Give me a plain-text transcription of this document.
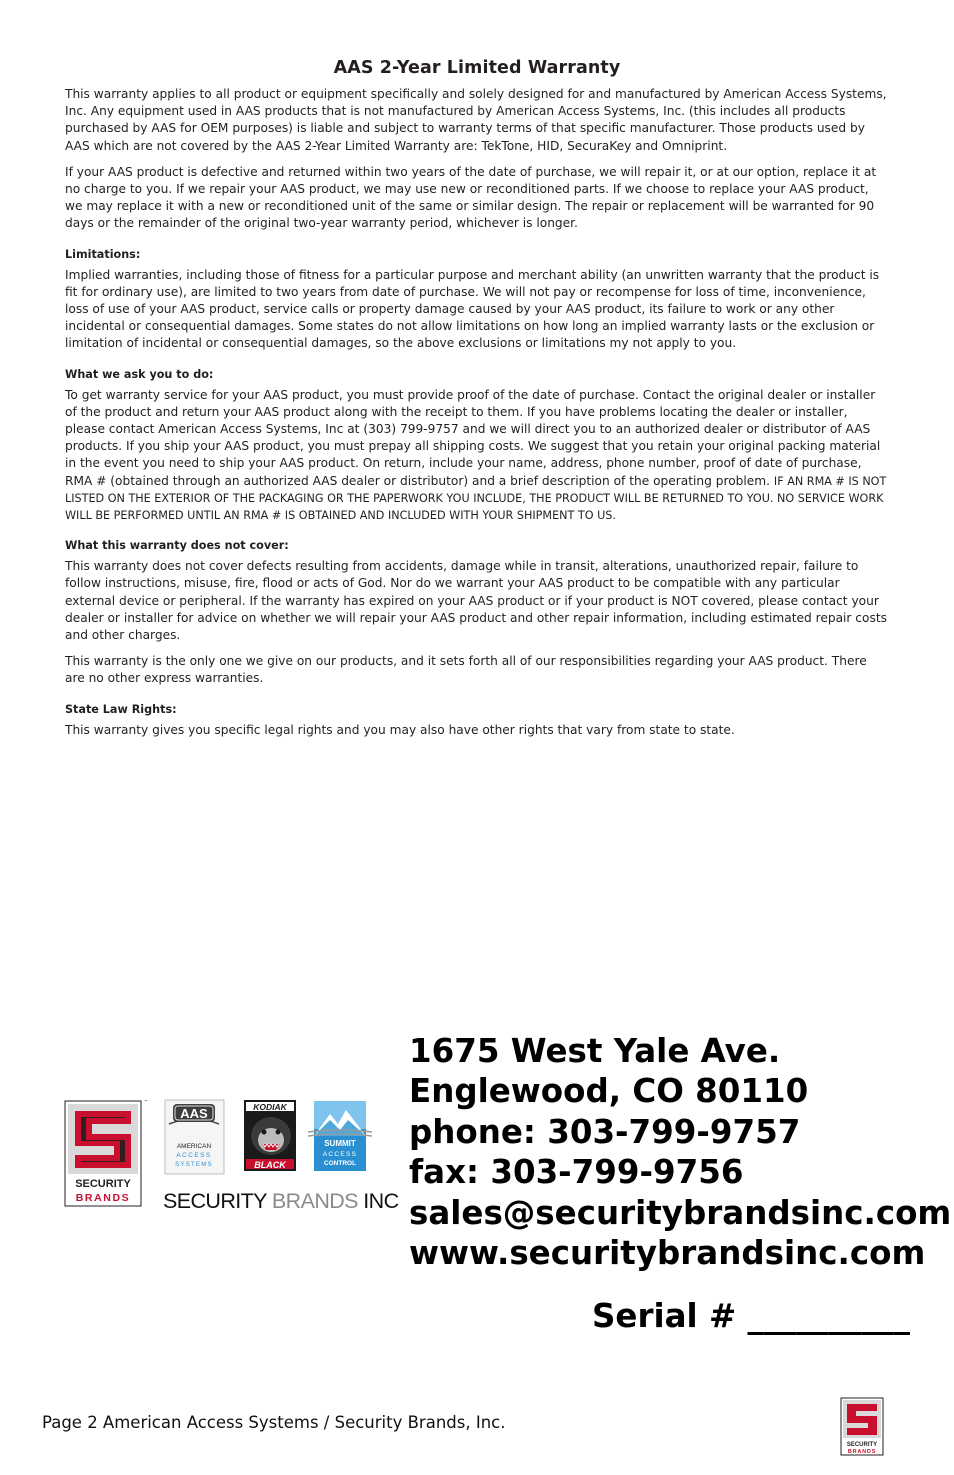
AAS 2-Year Limited Warranty

This warranty applies to all product or equipment specifically and solely designed for and manufactured by American Access Systems, Inc. Any equipment used in AAS products that is not manufactured by American Access Systems, Inc. (this includes all products purchased by AAS for OEM purposes) is liable and subject to warranty terms of that specific manufacturer. Those products used by AAS which are not covered by the AAS 2-Year Limited Warranty are: TekTone, HID, SecuraKey and Omniprint.

If your AAS product is defective and returned within two years of the date of purchase, we will repair it, or at our option, replace it at no charge to you. If we repair your AAS product, we may use new or reconditioned parts. If we choose to replace your AAS product, we may replace it with a new or reconditioned unit of the same or similar design. The repair or replacement will be warranted for 90 days or the remainder of the original two-year warranty period, whichever is longer.

Limitations:

Implied warranties, including those of fitness for a particular purpose and merchant ability (an unwritten warranty that the product is fit for ordinary use), are limited to two years from date of purchase. We will not pay or recompense for loss of time, inconvenience, loss of use of your AAS product, service calls or property damage caused by your AAS product, its failure to work or any other incidental or consequential damages. Some states do not allow limitations on how long an implied warranty lasts or the exclusion or limitation of incidental or consequential damages, so the above exclusions or limitations my not apply to you.

What we ask you to do:

To get warranty service for your AAS product, you must provide proof of the date of purchase. Contact the original dealer or installer of the product and return your AAS product along with the receipt to them. If you have problems locating the dealer or installer, please contact American Access Systems, Inc at (303) 799-9757 and we will direct you to an authorized dealer or distributor of AAS products. If you ship your AAS product, you must prepay all shipping costs. We suggest that you retain your original packing material in the event you need to ship your AAS product. On return, include your name, address, phone number, proof of date of purchase, RMA # (obtained through an authorized AAS dealer or distributor) and a brief description of the operating problem. IF AN RMA # IS NOT LISTED ON THE EXTERIOR OF THE PACKAGING OR THE PAPERWORK YOU INCLUDE, THE PRODUCT WILL BE RETURNED TO YOU. NO SERVICE WORK WILL BE PERFORMED UNTIL AN RMA # IS OBTAINED AND INCLUDED WITH YOUR SHIPMENT TO US.

What this warranty does not cover:

This warranty does not cover defects resulting from accidents, damage while in transit, alterations, unauthorized repair, failure to follow instructions, misuse, fire, flood or acts of God. Nor do we warrant your AAS product to be compatible with any particular external device or peripheral. If the warranty has expired on your AAS product or if your product is NOT covered, please contact your dealer or installer for advice on whether we will repair your AAS product and other repair information, including estimated repair costs and other charges.

This warranty is the only one we give on our products, and it sets forth all of our responsibilities regarding your AAS product. There are no other express warranties.

State Law Rights:

This warranty gives you specific legal rights and you may also have other rights that vary from state to state.

SECURITY
BRANDS
™
AAS
AMERICAN
ACCESS
SYSTEMS
KODIAK
BLACK
SUMMIT
ACCESS
CONTROL
SECURITY BRANDS INC
1675 West Yale Ave.
Englewood, CO 80110
phone: 303-799-9757
fax: 303-799-9756
sales@securitybrandsinc.com
www.securitybrandsinc.com
Serial # __________
Page 2 American Access Systems / Security Brands, Inc.
SECURITY
BRANDS
